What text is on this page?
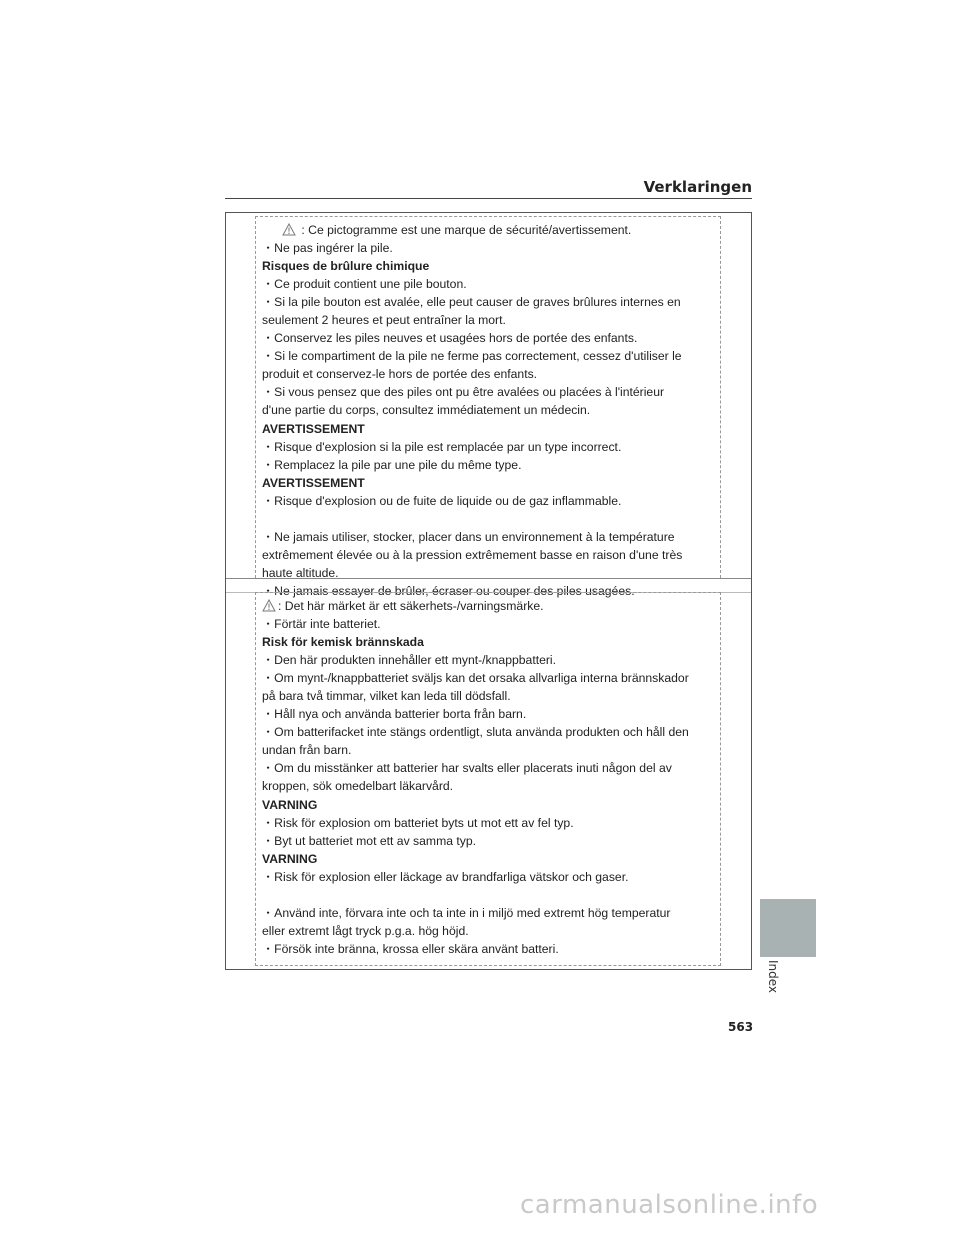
Verklaringen
: Ce pictogramme est une marque de sécurité/avertissement.
・Ne pas ingérer la pile.
Risques de brûlure chimique
・Ce produit contient une pile bouton.
・Si la pile bouton est avalée, elle peut causer de graves brûlures internes en
seulement 2 heures et peut entraîner la mort.
・Conservez les piles neuves et usagées hors de portée des enfants.
・Si le compartiment de la pile ne ferme pas correctement, cessez d'utiliser le
produit et conservez-le hors de portée des enfants.
・Si vous pensez que des piles ont pu être avalées ou placées à l'intérieur
d'une partie du corps, consultez immédiatement un médecin.
AVERTISSEMENT
・Risque d'explosion si la pile est remplacée par un type incorrect.
・Remplacez la pile par une pile du même type.
AVERTISSEMENT
・Risque d'explosion ou de fuite de liquide ou de gaz inflammable.
・Ne jamais utiliser, stocker, placer dans un environnement à la température
extrêmement élevée ou à la pression extrêmement basse en raison d'une très
haute altitude.
・Ne jamais essayer de brûler, écraser ou couper des piles usagées.
: Det här märket är ett säkerhets-/varningsmärke.
・Förtär inte batteriet.
Risk för kemisk brännskada
・Den här produkten innehåller ett mynt-/knappbatteri.
・Om mynt-/knappbatteriet sväljs kan det orsaka allvarliga interna brännskador
på bara två timmar, vilket kan leda till dödsfall.
・Håll nya och använda batterier borta från barn.
・Om batterifacket inte stängs ordentligt, sluta använda produkten och håll den
undan från barn.
・Om du misstänker att batterier har svalts eller placerats inuti någon del av
kroppen, sök omedelbart läkarvård.
VARNING
・Risk för explosion om batteriet byts ut mot ett av fel typ.
・Byt ut batteriet mot ett av samma typ.
VARNING
・Risk för explosion eller läckage av brandfarliga vätskor och gaser.
・Använd inte, förvara inte och ta inte in i miljö med extremt hög temperatur
eller extremt lågt tryck p.g.a. hög höjd.
・Försök inte bränna, krossa eller skära använt batteri.
Index
563
carmanualsonline.info
